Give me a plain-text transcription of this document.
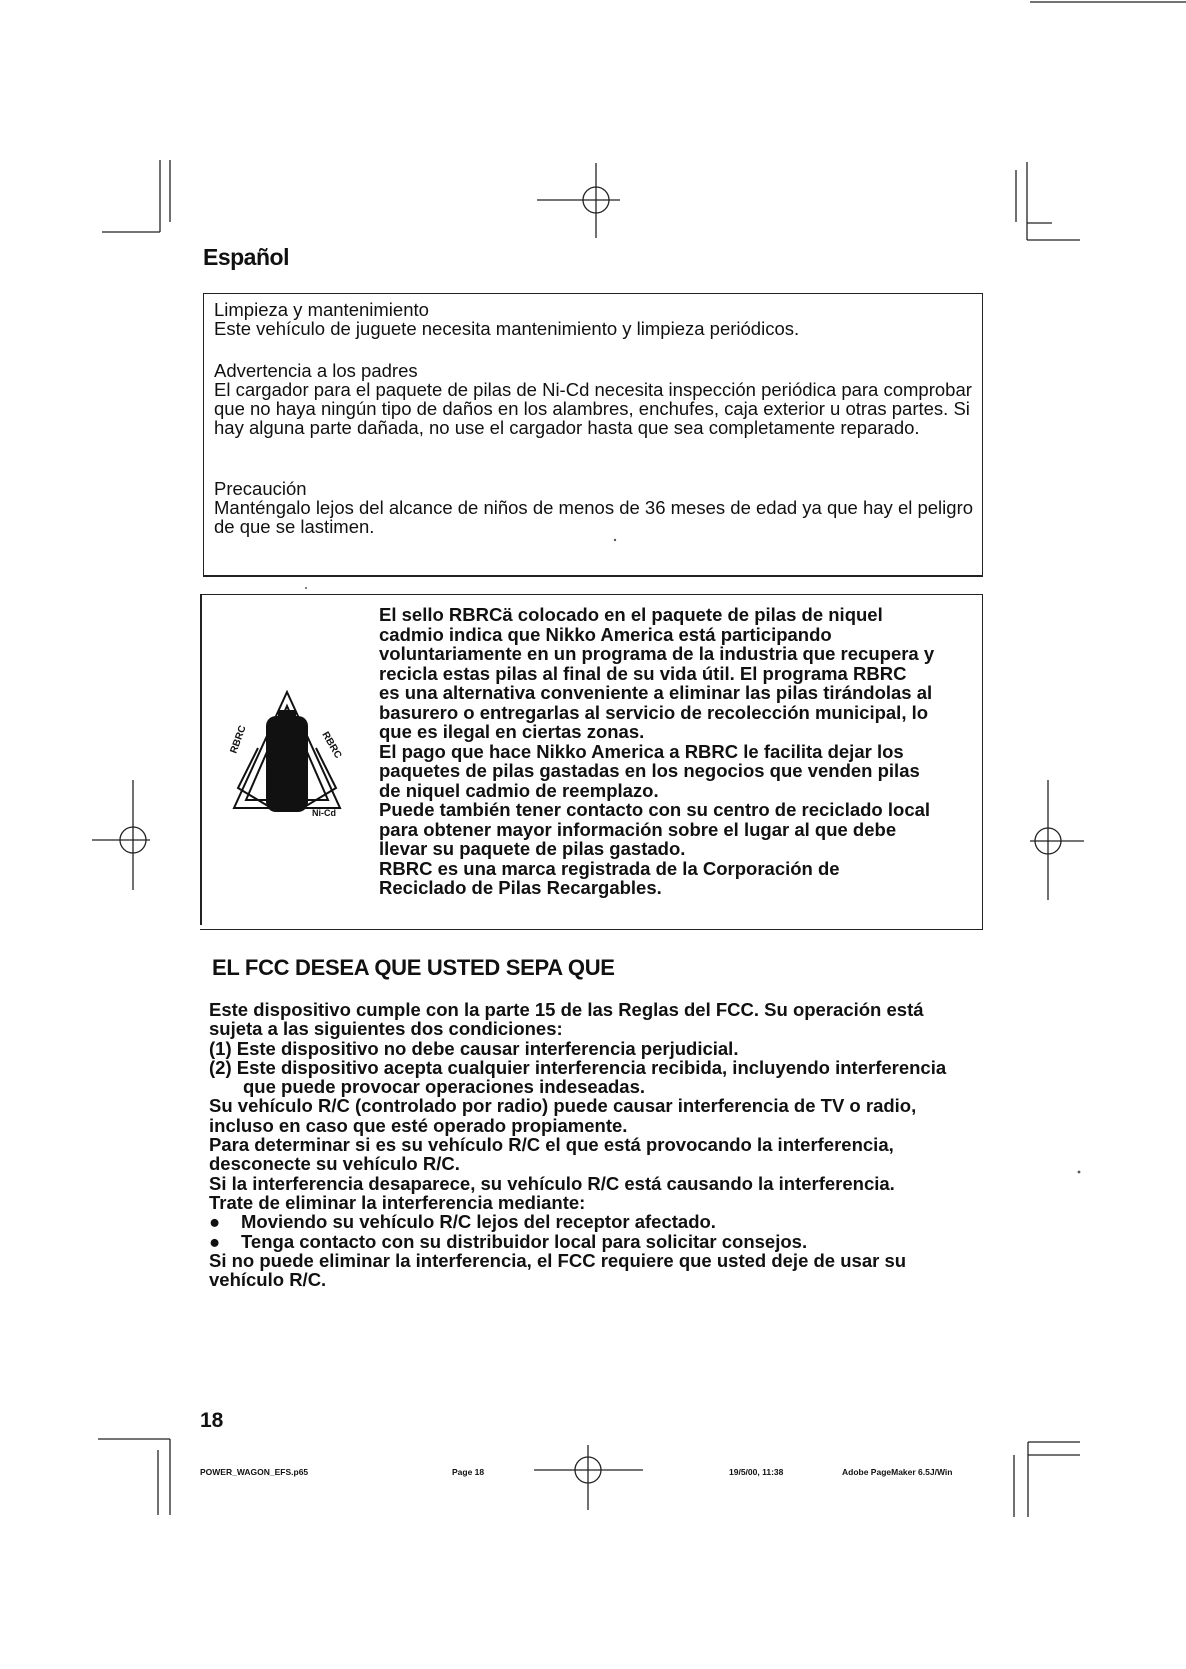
Español
Limpieza y mantenimiento
Este vehículo de juguete necesita mantenimiento y limpieza periódicos.
Advertencia a los padres
El cargador para el paquete de pilas de Ni-Cd necesita inspección periódica para comprobar que no haya ningún tipo de daños en los alambres, enchufes, caja exterior u otras partes. Si hay alguna parte dañada, no use el cargador hasta que sea completamente reparado.
Precaución
Manténgalo lejos del alcance de niños de menos de 36 meses de edad ya que hay el peligro de que se lastimen.
RBRC
RBRC
Ni-Cd
El sello RBRCä colocado en el paquete de pilas de niquel
cadmio indica que Nikko America está participando
voluntariamente en un programa de la industria que recupera y
recicla estas pilas al final de su vida útil. El programa RBRC
es una alternativa conveniente a eliminar las pilas tirándolas al
basurero o entregarlas al servicio de recolección municipal, lo
que es ilegal en ciertas zonas.
El pago que hace Nikko America a RBRC le facilita dejar los
paquetes de pilas gastadas en los negocios que venden pilas
de niquel cadmio de reemplazo.
Puede también tener contacto con su centro de reciclado local
para obtener mayor información sobre el lugar al que debe
llevar su paquete de pilas gastado.
RBRC es una marca registrada de la Corporación de
Reciclado de Pilas Recargables.
EL FCC DESEA QUE USTED SEPA QUE
Este dispositivo cumple con la parte 15 de las Reglas del FCC. Su operación está
sujeta a las siguientes dos condiciones:
(1) Este dispositivo no debe causar interferencia perjudicial.
(2) Este dispositivo acepta cualquier interferencia recibida, incluyendo interferencia
que puede provocar operaciones indeseadas.
Su vehículo R/C (controlado por radio) puede causar interferencia de TV o radio,
incluso en caso que esté operado propiamente.
Para determinar si es su vehículo R/C el que está provocando la interferencia,
desconecte su vehículo R/C.
Si la interferencia desaparece, su vehículo R/C está causando la interferencia.
Trate de eliminar la interferencia mediante:
●	Moviendo su vehículo R/C lejos del receptor afectado.
●	Tenga contacto con su distribuidor local para solicitar consejos.
Si no puede eliminar la interferencia, el FCC requiere que usted deje de usar su
vehículo R/C.
18
POWER_WAGON_EFS.p65	Page 18	19/5/00, 11:38	Adobe PageMaker 6.5J/Win
